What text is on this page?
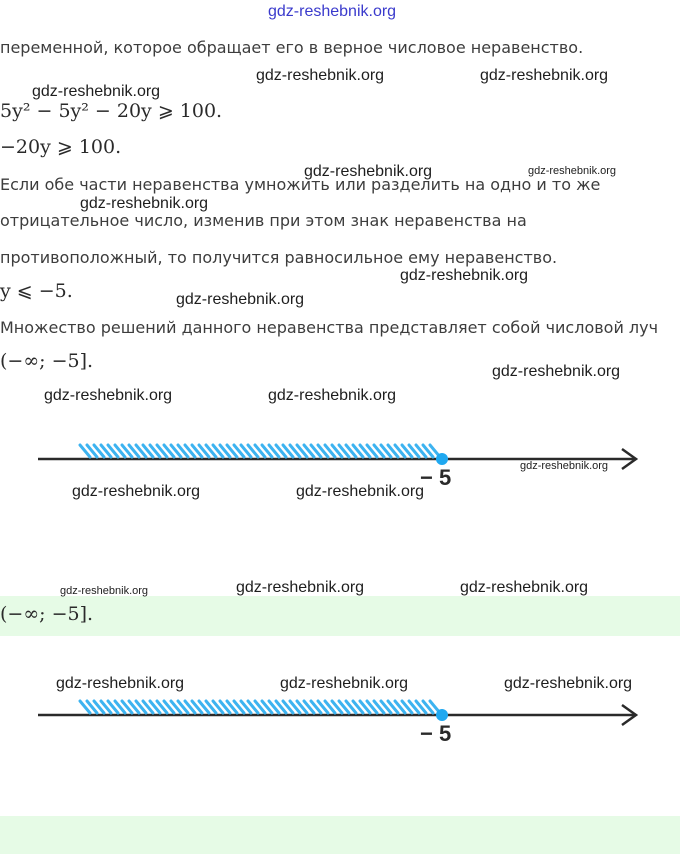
gdz-reshebnik.org
переменной, которое обращает его в верное числовое неравенство.
5y² − 5y² − 20y ⩾ 100.
−20y ⩾ 100.
Если обе части неравенства умножить или разделить на одно и то же
отрицательное число, изменив при этом знак неравенства на
противоположный, то получится равносильное ему неравенство.
y ⩽ −5.
Множество решений данного неравенства представляет собой числовой луч
(−∞; −5].
− 5
(−∞; −5].
− 5
gdz-reshebnik.org
gdz-reshebnik.org	gdz-reshebnik.org
gdz-reshebnik.org
gdz-reshebnik.org	gdz-reshebnik.org
gdz-reshebnik.org
gdz-reshebnik.org
gdz-reshebnik.org
gdz-reshebnik.org	gdz-reshebnik.org
gdz-reshebnik.org
gdz-reshebnik.org	gdz-reshebnik.org
gdz-reshebnik.org	gdz-reshebnik.org	gdz-reshebnik.org
gdz-reshebnik.org	gdz-reshebnik.org	gdz-reshebnik.org
